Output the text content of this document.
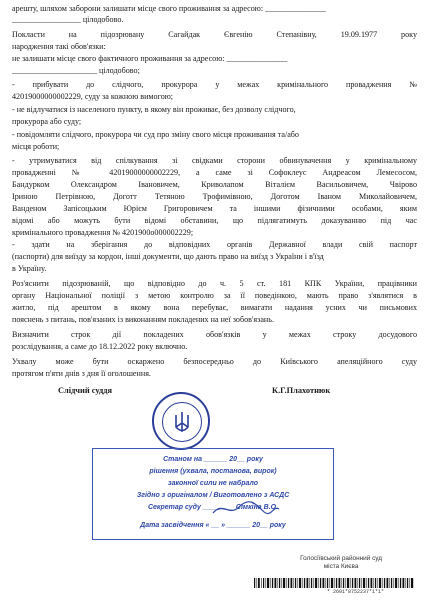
арешту, шляхом заборони залишати місце свого проживання за адресою: _______________
_________________ цілодобово.
Покласти на підозрювану Сагайдак Євгенію Степанівну, 19.09.1977 року
народження такі обов'язки:
не залишати місце свого фактичного проживання за адресою: _______________
_____________________ цілодобово;
- прибувати до слідчого, прокурора у межах кримінального провадження №
42019000000002229, суду за кожною вимогою;
- не відлучатися із населеного пункту, в якому він проживає, без дозволу слідчого,
прокурора або суду;
- повідомляти слідчого, прокурора чи суд про зміну свого місця проживання та/або
місця роботи;
- утримуватися від спілкування зі свідками сторони обвинувачення у кримінальному
провадженні № 42019000000002229, а саме зі Софоклеус Андреасом Лемесосом,
Бандурком Олександром Івановичем, Криволапом Віталієм Васильовичем, Чвірово
Іриною Петрівною, Доготт Тетяною Трофимівною, Доготом Іваном Миколайовичем,
Ванденом Запісоцьким Юрієм Григоровичем та іншими фізичними особами, яким
відомі або можуть бути відомі обставини, що підлягатимуть доказуванню під час
кримінального провадження № 4201900о000002229;
- здати на зберігання до відповідних органів Державної влади свій паспорт
(паспорти) для виїзду за кордон, інші документи, що дають право на виїзд з України і в'їзд
в Україну.
Роз'яснити підозрюваній, що відповідно до ч. 5 ст. 181 КПК України, працівники
органу Національної поліції з метою контролю за її поведінкою, мають право з'являтися в
житло, під арештом в якому вона перебуває, вимагати надання усних чи письмових
пояснень з питань, пов'язаних із виконанням покладених на неї зобов'язань.
Визначити строк дії покладених обов'язків у межах строку досудового
розслідування, а саме до 18.12.2022 року включно.
Ухвалу може бути оскаржено безпосередньо до Київського апеляційного суду
протягом п'яти днів з дня її оголошення.
Слідчий суддя	К.Г.Плахотнюк
Станом на ______ 20__ року
рішення (ухвала, постанова, вирок)
законної сили не набрало
Згідно з оригіналом / Виготовлено з АСДС
Секретар суду ________ Сімкіна В.О.
Дата засвідчення « __ » ______ 20__ року
Голосіївський районний суд
міста Києва
* 2601*8752237*1*1*
